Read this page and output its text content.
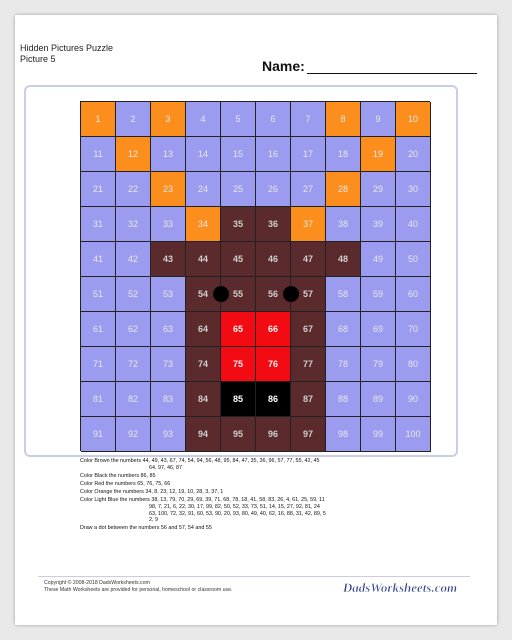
Hidden Pictures Puzzle
Picture 5	Name:
1	2	3	4	5	6	7	8	9	10
11	12	13	14	15	16	17	18	19	20
21	22	23	24	25	26	27	28	29	30
31	32	33	34	35	36	37	38	39	40
41	42	43	44	45	46	47	48	49	50
51	52	53	54	55	56	57	58	59	60
61	62	63	64	65	66	67	68	69	70
71	72	73	74	75	76	77	78	79	80
81	82	83	84	85	86	87	88	89	90
91	92	93	94	95	96	97	98	99 100
Color Brown the numbers 44, 49, 43, 67, 74, 54, 94, 56, 48, 95, 84, 47, 35, 36, 96, 57, 77, 55, 42, 45
64, 97, 46, 87
Color Black the numbers 86, 85
Color Red the numbers 65, 76, 75, 66
Color Orange the numbers 34, 8, 23, 12, 19, 10, 28, 3, 37, 1
Color Light Blue the numbers 38, 13, 79, 70, 29, 69, 39, 71, 68, 78, 18, 41, 58, 83, 26, 4, 61, 25, 59, 11
98, 7, 21, 6, 22, 30, 17, 99, 82, 50, 52, 33, 73, 51, 14, 15, 27, 92, 81, 24
63, 100, 72, 32, 91, 60, 53, 90, 20, 93, 80, 49, 40, 62, 16, 88, 31, 42, 89, 5
2, 9
Draw a dot between the numbers 56 and 57, 54 and 55
Copyright © 2008-2018 DadsWorksheets.com
These Math Worksheets are provided for personal, homeschool or classroom use.	DadsWorksheets.com
